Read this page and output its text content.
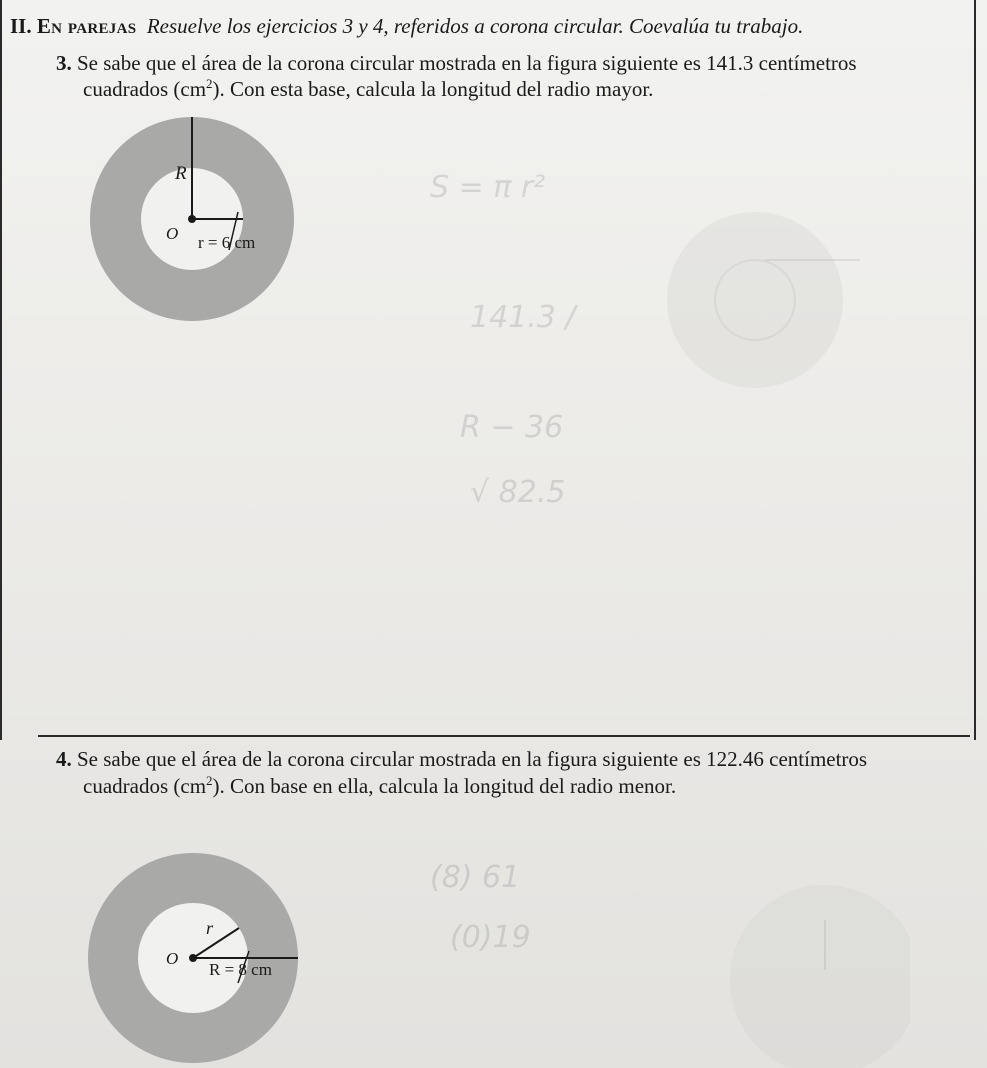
S = π r²
141.3 /
R − 36
√ 82.5
(8) 61
(0)19
II. En parejas Resuelve los ejercicios 3 y 4, referidos a corona circular. Coevalúa tu trabajo.
3. Se sabe que el área de la corona circular mostrada en la figura siguiente es 141.3 centímetros
cuadrados $(cm^2)$. Con esta base, calcula la longitud del radio mayor.
R
O r = 6 cm
4. Se sabe que el área de la corona circular mostrada en la figura siguiente es 122.46 centímetros
cuadrados $(cm^2)$. Con base en ella, calcula la longitud del radio menor.
r
O
R = 8 cm
